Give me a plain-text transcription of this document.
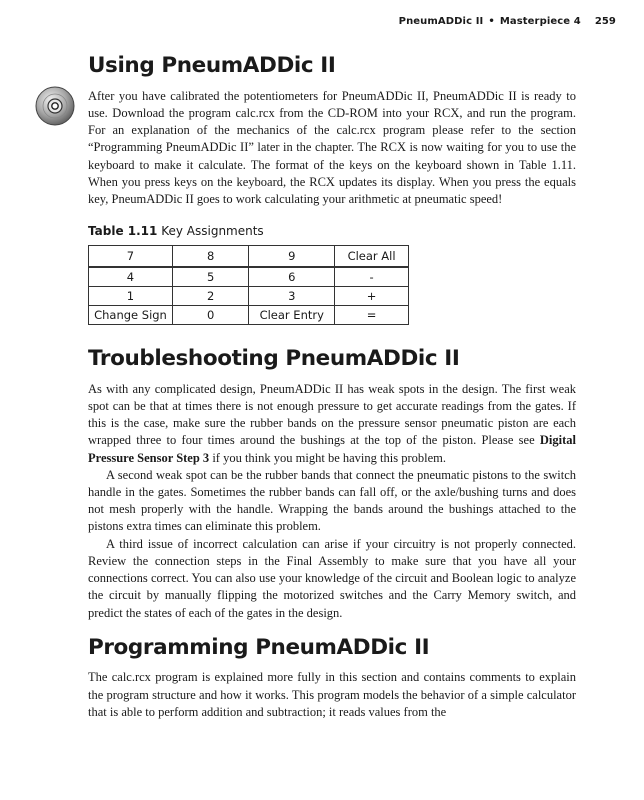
PneumADDic II • Masterpiece 4 259
Using PneumADDic II

After you have calibrated the potentiometers for PneumADDic II, PneumADDic II is ready to use. Download the program calc.rcx from the CD-ROM into your RCX, and run the program. For an explanation of the mechanics of the calc.rcx program please refer to the section “Programming PneumADDic II” later in the chapter. The RCX is now waiting for you to use the keyboard to make it calculate. The format of the keys on the keyboard shown in Table 1.11. When you press keys on the keyboard, the RCX updates its display. When you press the equals key, PneumADDic II goes to work calculating your arithmetic at pneumatic speed!

Table 1.11 Key Assignments
7	8	9	Clear All
4	5	6	-
1	2	3	+
Change Sign	0	Clear Entry	=
Troubleshooting PneumADDic II

As with any complicated design, PneumADDic II has weak spots in the design. The first weak spot can be that at times there is not enough pressure to get accurate readings from the gates. If this is the case, make sure the rubber bands on the pressure sensor pneumatic piston are each wrapped three to four times around the bushings at the top of the piston. Please see Digital Pressure Sensor Step 3 if you think you might be having this problem.

A second weak spot can be the rubber bands that connect the pneumatic pistons to the switch handle in the gates. Sometimes the rubber bands can fall off, or the axle/bushing turns and does not mesh properly with the handle. Wrapping the bands around the bushings attached to the pistons extra times can eliminate this problem.

A third issue of incorrect calculation can arise if your circuitry is not properly connected. Review the connection steps in the Final Assembly to make sure that you have all your connections correct. You can also use your knowledge of the circuit and Boolean logic to analyze the circuit by manually flipping the motorized switches and the Carry Memory switch, and predict the states of each of the gates in the design.

Programming PneumADDic II

The calc.rcx program is explained more fully in this section and contains comments to explain the program structure and how it works. This program models the behavior of a simple calculator that is able to perform addition and subtraction; it reads values from the
